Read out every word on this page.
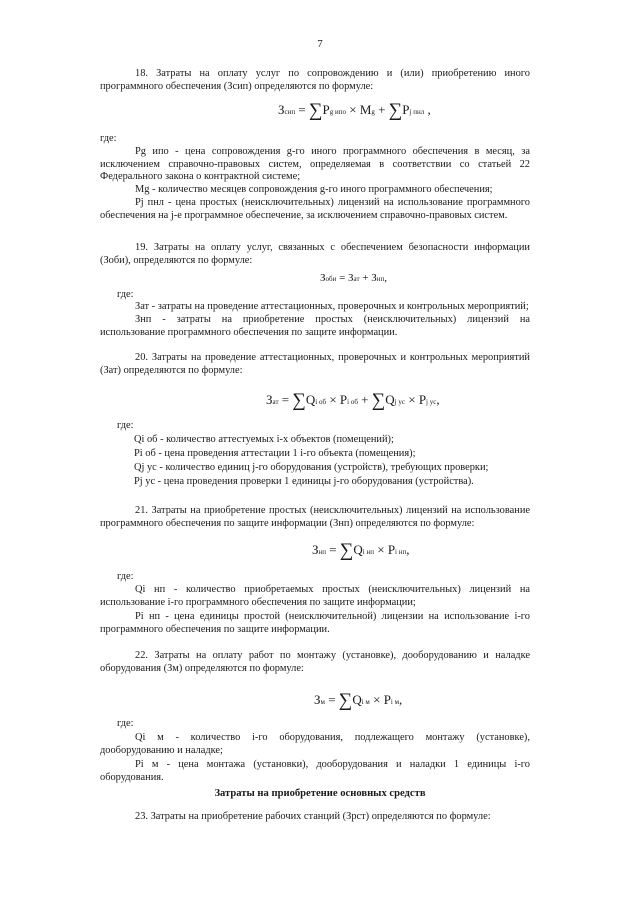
7
18. Затраты на оплату услуг по сопровождению и (или) приобретению иного программного обеспечения (Зсип) определяются по формуле:
Зсип = ∑Pg ипо × Mg + ∑Pj пнл ,
где:
Pg ипо - цена сопровождения g-го иного программного обеспечения в месяц, за исключением справочно-правовых систем, определяемая в соответствии со статьей 22 Федерального закона о контрактной системе;
Mg - количество месяцев сопровождения g-го иного программного обеспечения;
Pj пнл - цена простых (неисключительных) лицензий на использование программного обеспечения на j-е программное обеспечение, за исключением справочно-правовых систем.
19. Затраты на оплату услуг, связанных с обеспечением безопасности информации (Зоби), определяются по формуле:
Зоби = Зат + Знп,
где:
Зат - затраты на проведение аттестационных, проверочных и контрольных мероприятий;
Знп - затраты на приобретение простых (неисключительных) лицензий на использование программного обеспечения по защите информации.
20. Затраты на проведение аттестационных, проверочных и контрольных мероприятий (Зат) определяются по формуле:
Зат = ∑Qi об × Pi об + ∑Qj ус × Pj ус,
где:
Qi об - количество аттестуемых i-х объектов (помещений);
Pi об - цена проведения аттестации 1 i-го объекта (помещения);
Qj ус - количество единиц j-го оборудования (устройств), требующих проверки;
Pj ус - цена проведения проверки 1 единицы j-го оборудования (устройства).
21. Затраты на приобретение простых (неисключительных) лицензий на использование программного обеспечения по защите информации (Знп) определяются по формуле:
Знп = ∑Qi нп × Pi нп,
где:
Qi нп - количество приобретаемых простых (неисключительных) лицензий на использование i-го программного обеспечения по защите информации;
Pi нп - цена единицы простой (неисключительной) лицензии на использование i-го программного обеспечения по защите информации.
22. Затраты на оплату работ по монтажу (установке), дооборудованию и наладке оборудования (Зм) определяются по формуле:
Зм = ∑Qi м × Pi м,
где:
Qi м - количество i-го оборудования, подлежащего монтажу (установке), дооборудованию и наладке;
Pi м - цена монтажа (установки), дооборудования и наладки 1 единицы i-го оборудования.
Затраты на приобретение основных средств
23. Затраты на приобретение рабочих станций (Зрст) определяются по формуле:
